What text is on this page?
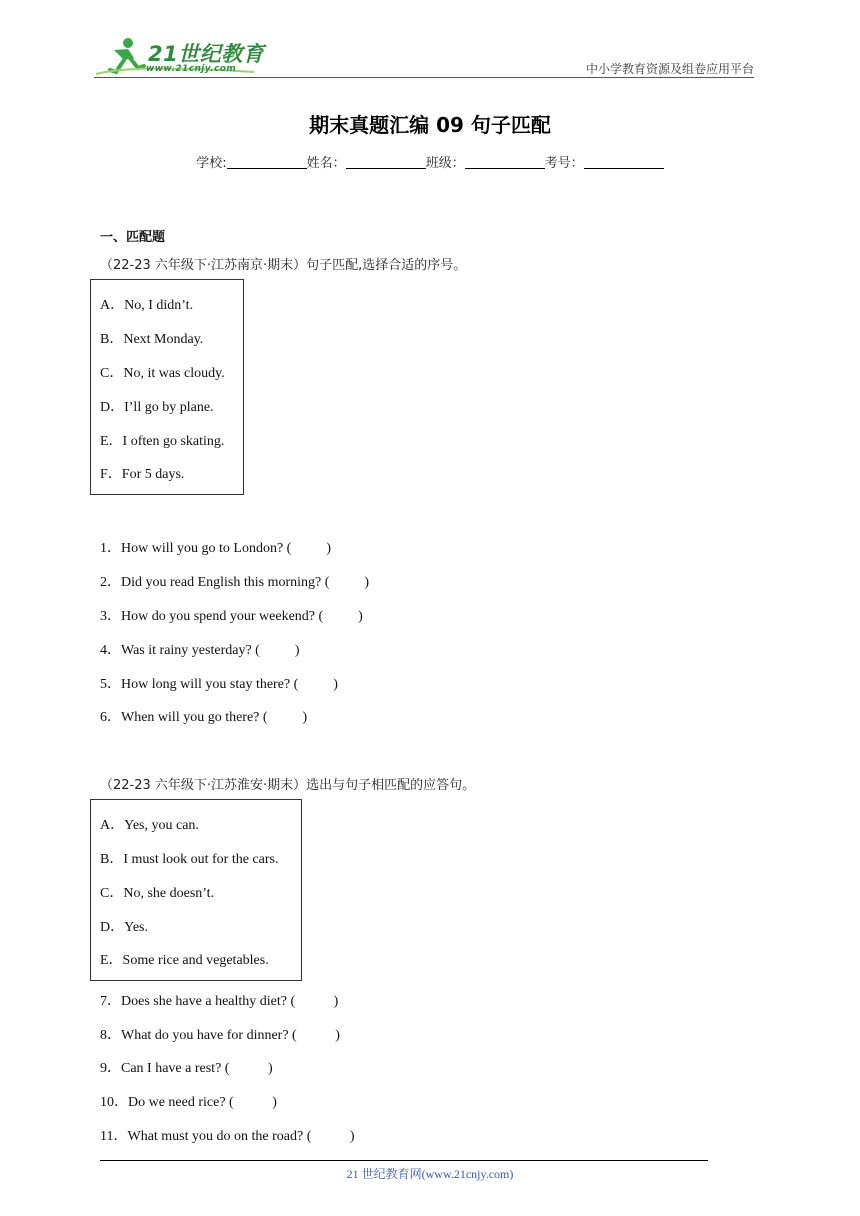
21世纪教育
www.21cnjy.com	中小学教育资源及组卷应用平台
期末真题汇编 09 句子匹配
学校:	姓名：	班级：	考号：
一、匹配题
（22-23 六年级下·江苏南京·期末）句子匹配,选择合适的序号。
A．No, I didn’t.
B．Next Monday.
C．No, it was cloudy.
D．I’ll go by plane.
E．I often go skating.
F．For 5 days.
1．How will you go to London? (          )
2．Did you read English this morning? (          )
3．How do you spend your weekend? (          )
4．Was it rainy yesterday? (          )
5．How long will you stay there? (          )
6．When will you go there? (          )
（22-23 六年级下·江苏淮安·期末）选出与句子相匹配的应答句。
A．Yes, you can.
B．I must look out for the cars.
C．No, she doesn’t.
D．Yes.
E．Some rice and vegetables.
7．Does she have a healthy diet? (           )
8．What do you have for dinner? (           )
9．Can I have a rest? (           )
10．Do we need rice? (           )
11．What must you do on the road? (           )
21 世纪教育网(www.21cnjy.com)
